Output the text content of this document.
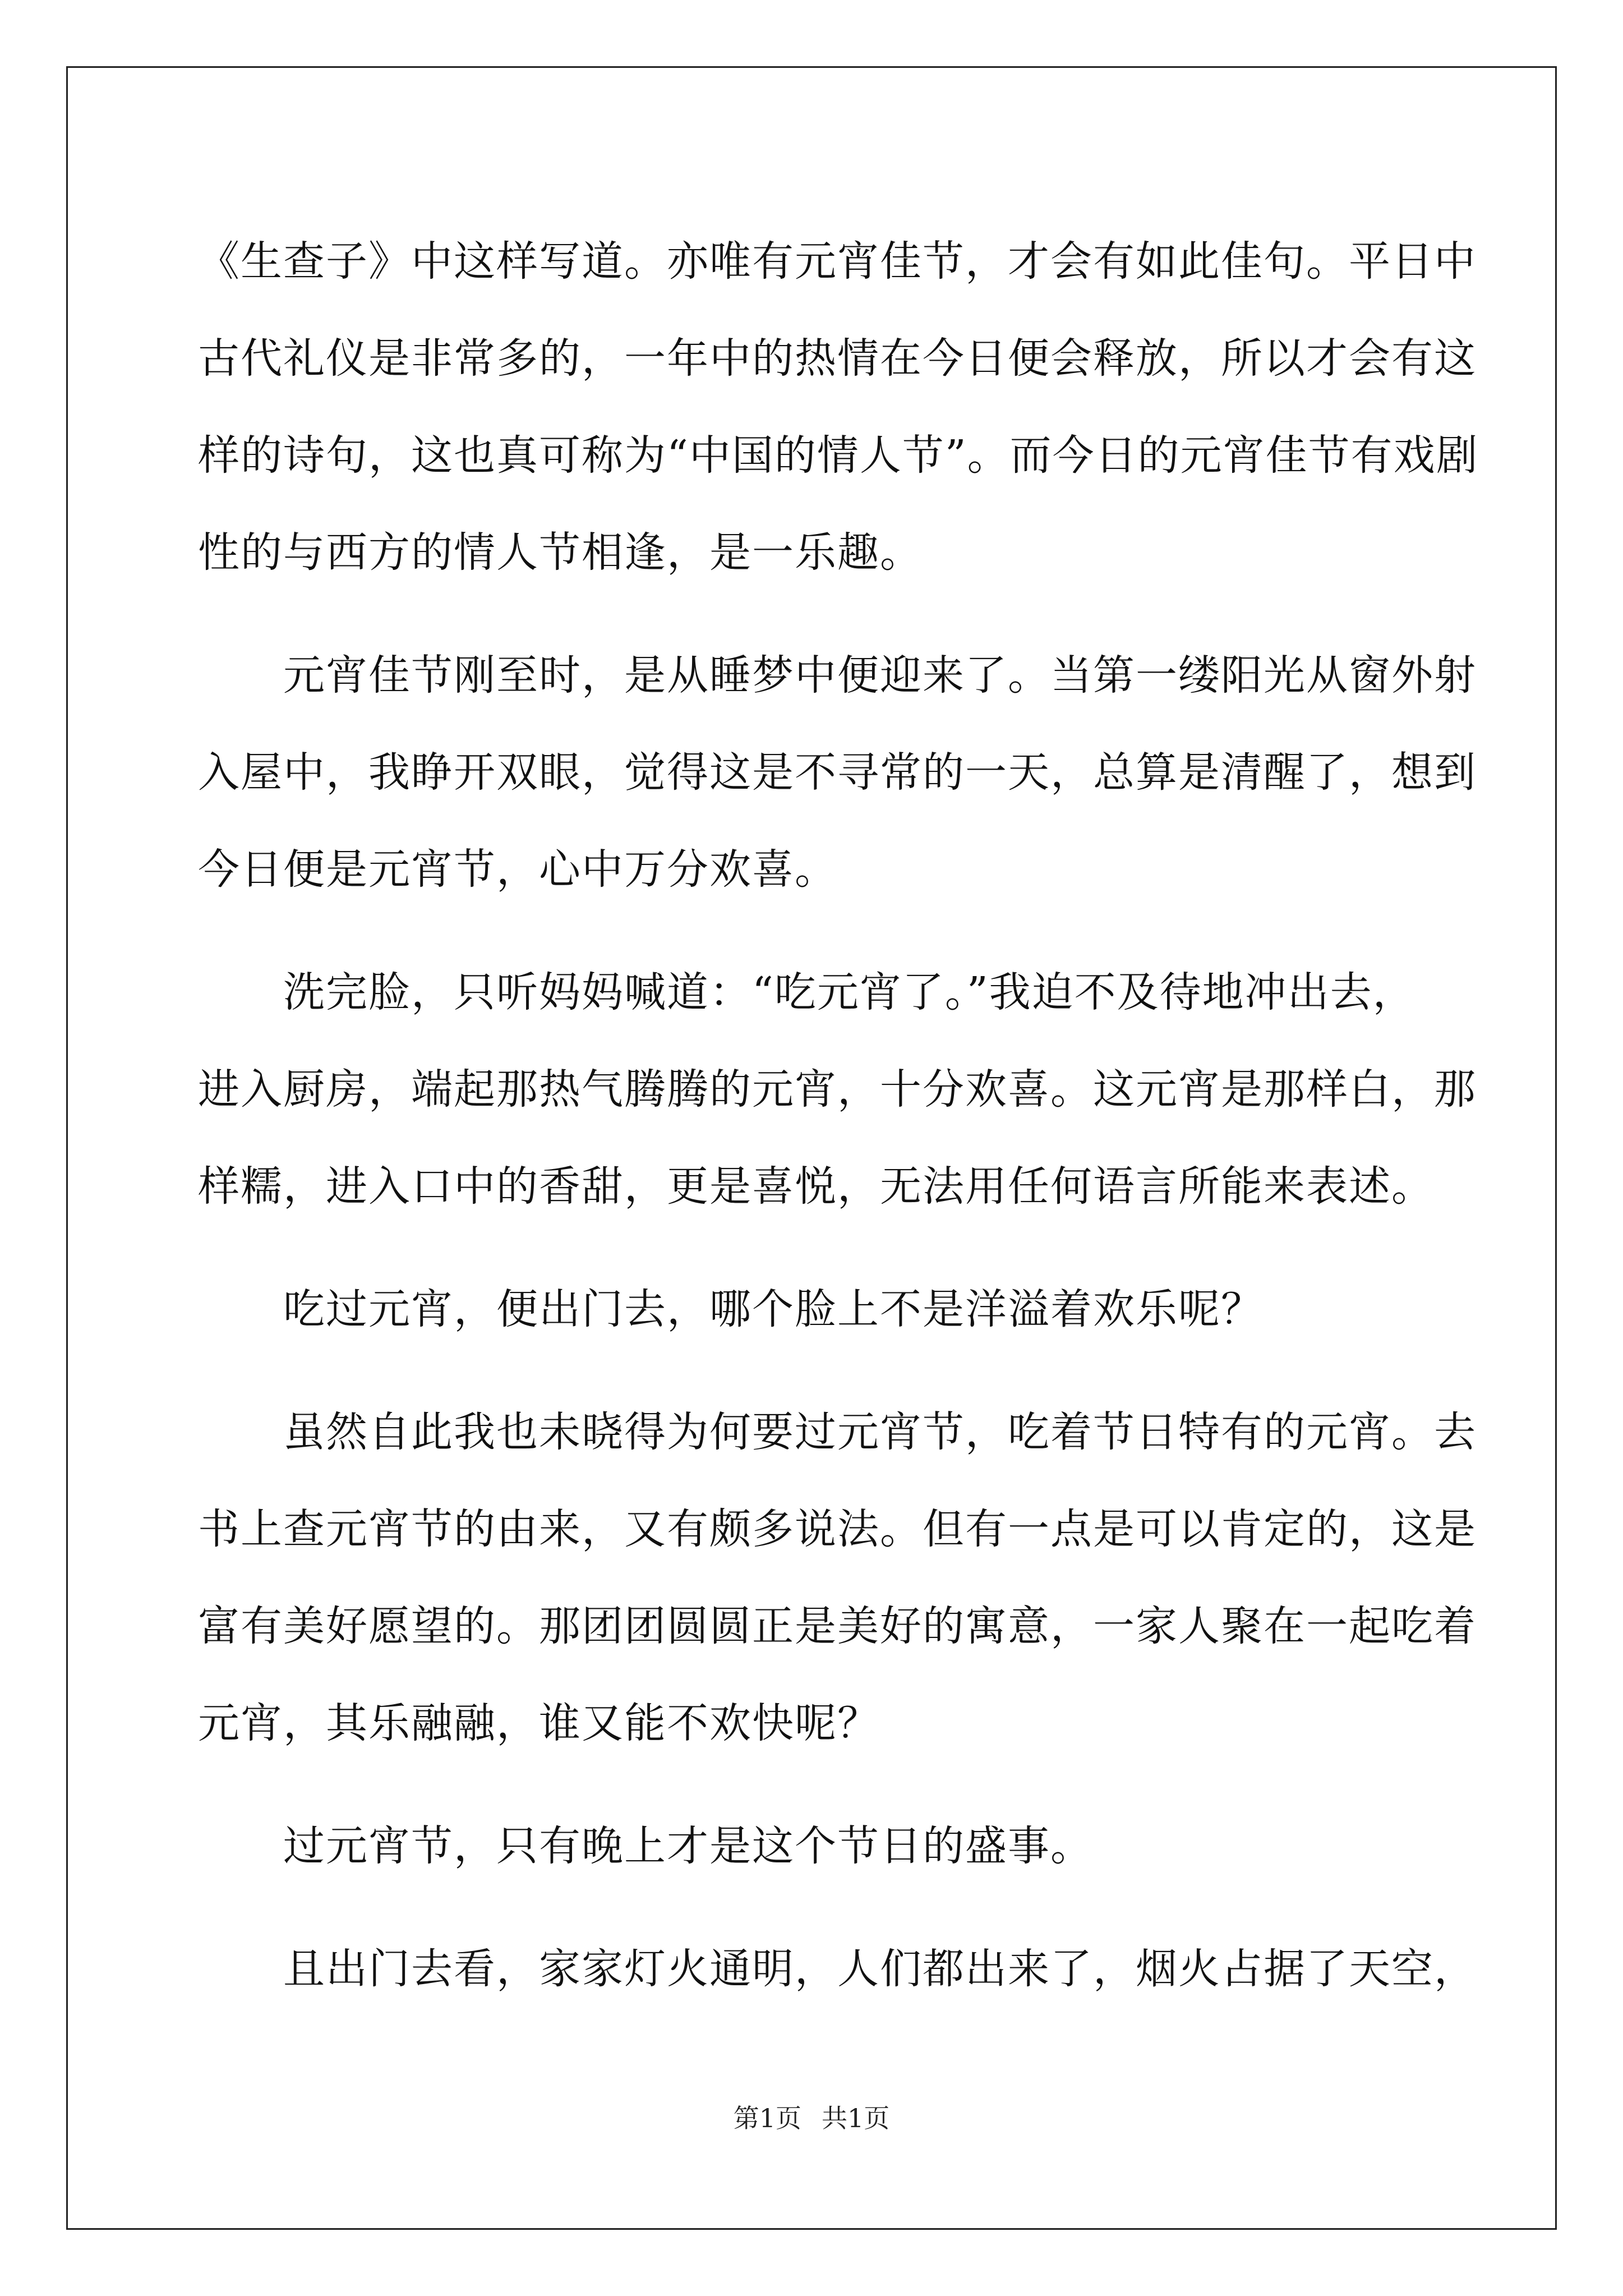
《生查子》中这样写道。亦唯有元宵佳节，才会有如此佳句。平日中
古代礼仪是非常多的，一年中的热情在今日便会释放，所以才会有这
样的诗句，这也真可称为“中国的情人节”。而今日的元宵佳节有戏剧
性的与西方的情人节相逢，是一乐趣。
元宵佳节刚至时，是从睡梦中便迎来了。当第一缕阳光从窗外射
入屋中，我睁开双眼，觉得这是不寻常的一天，总算是清醒了，想到
今日便是元宵节，心中万分欢喜。
洗完脸，只听妈妈喊道：“吃元宵了。”我迫不及待地冲出去，
进入厨房，端起那热气腾腾的元宵，十分欢喜。这元宵是那样白，那
样糯，进入口中的香甜，更是喜悦，无法用任何语言所能来表述。
吃过元宵，便出门去，哪个脸上不是洋溢着欢乐呢？
虽然自此我也未晓得为何要过元宵节，吃着节日特有的元宵。去
书上查元宵节的由来，又有颇多说法。但有一点是可以肯定的，这是
富有美好愿望的。那团团圆圆正是美好的寓意，一家人聚在一起吃着
元宵，其乐融融，谁又能不欢快呢？
过元宵节，只有晚上才是这个节日的盛事。
且出门去看，家家灯火通明，人们都出来了，烟火占据了天空，
第1页 共1页
